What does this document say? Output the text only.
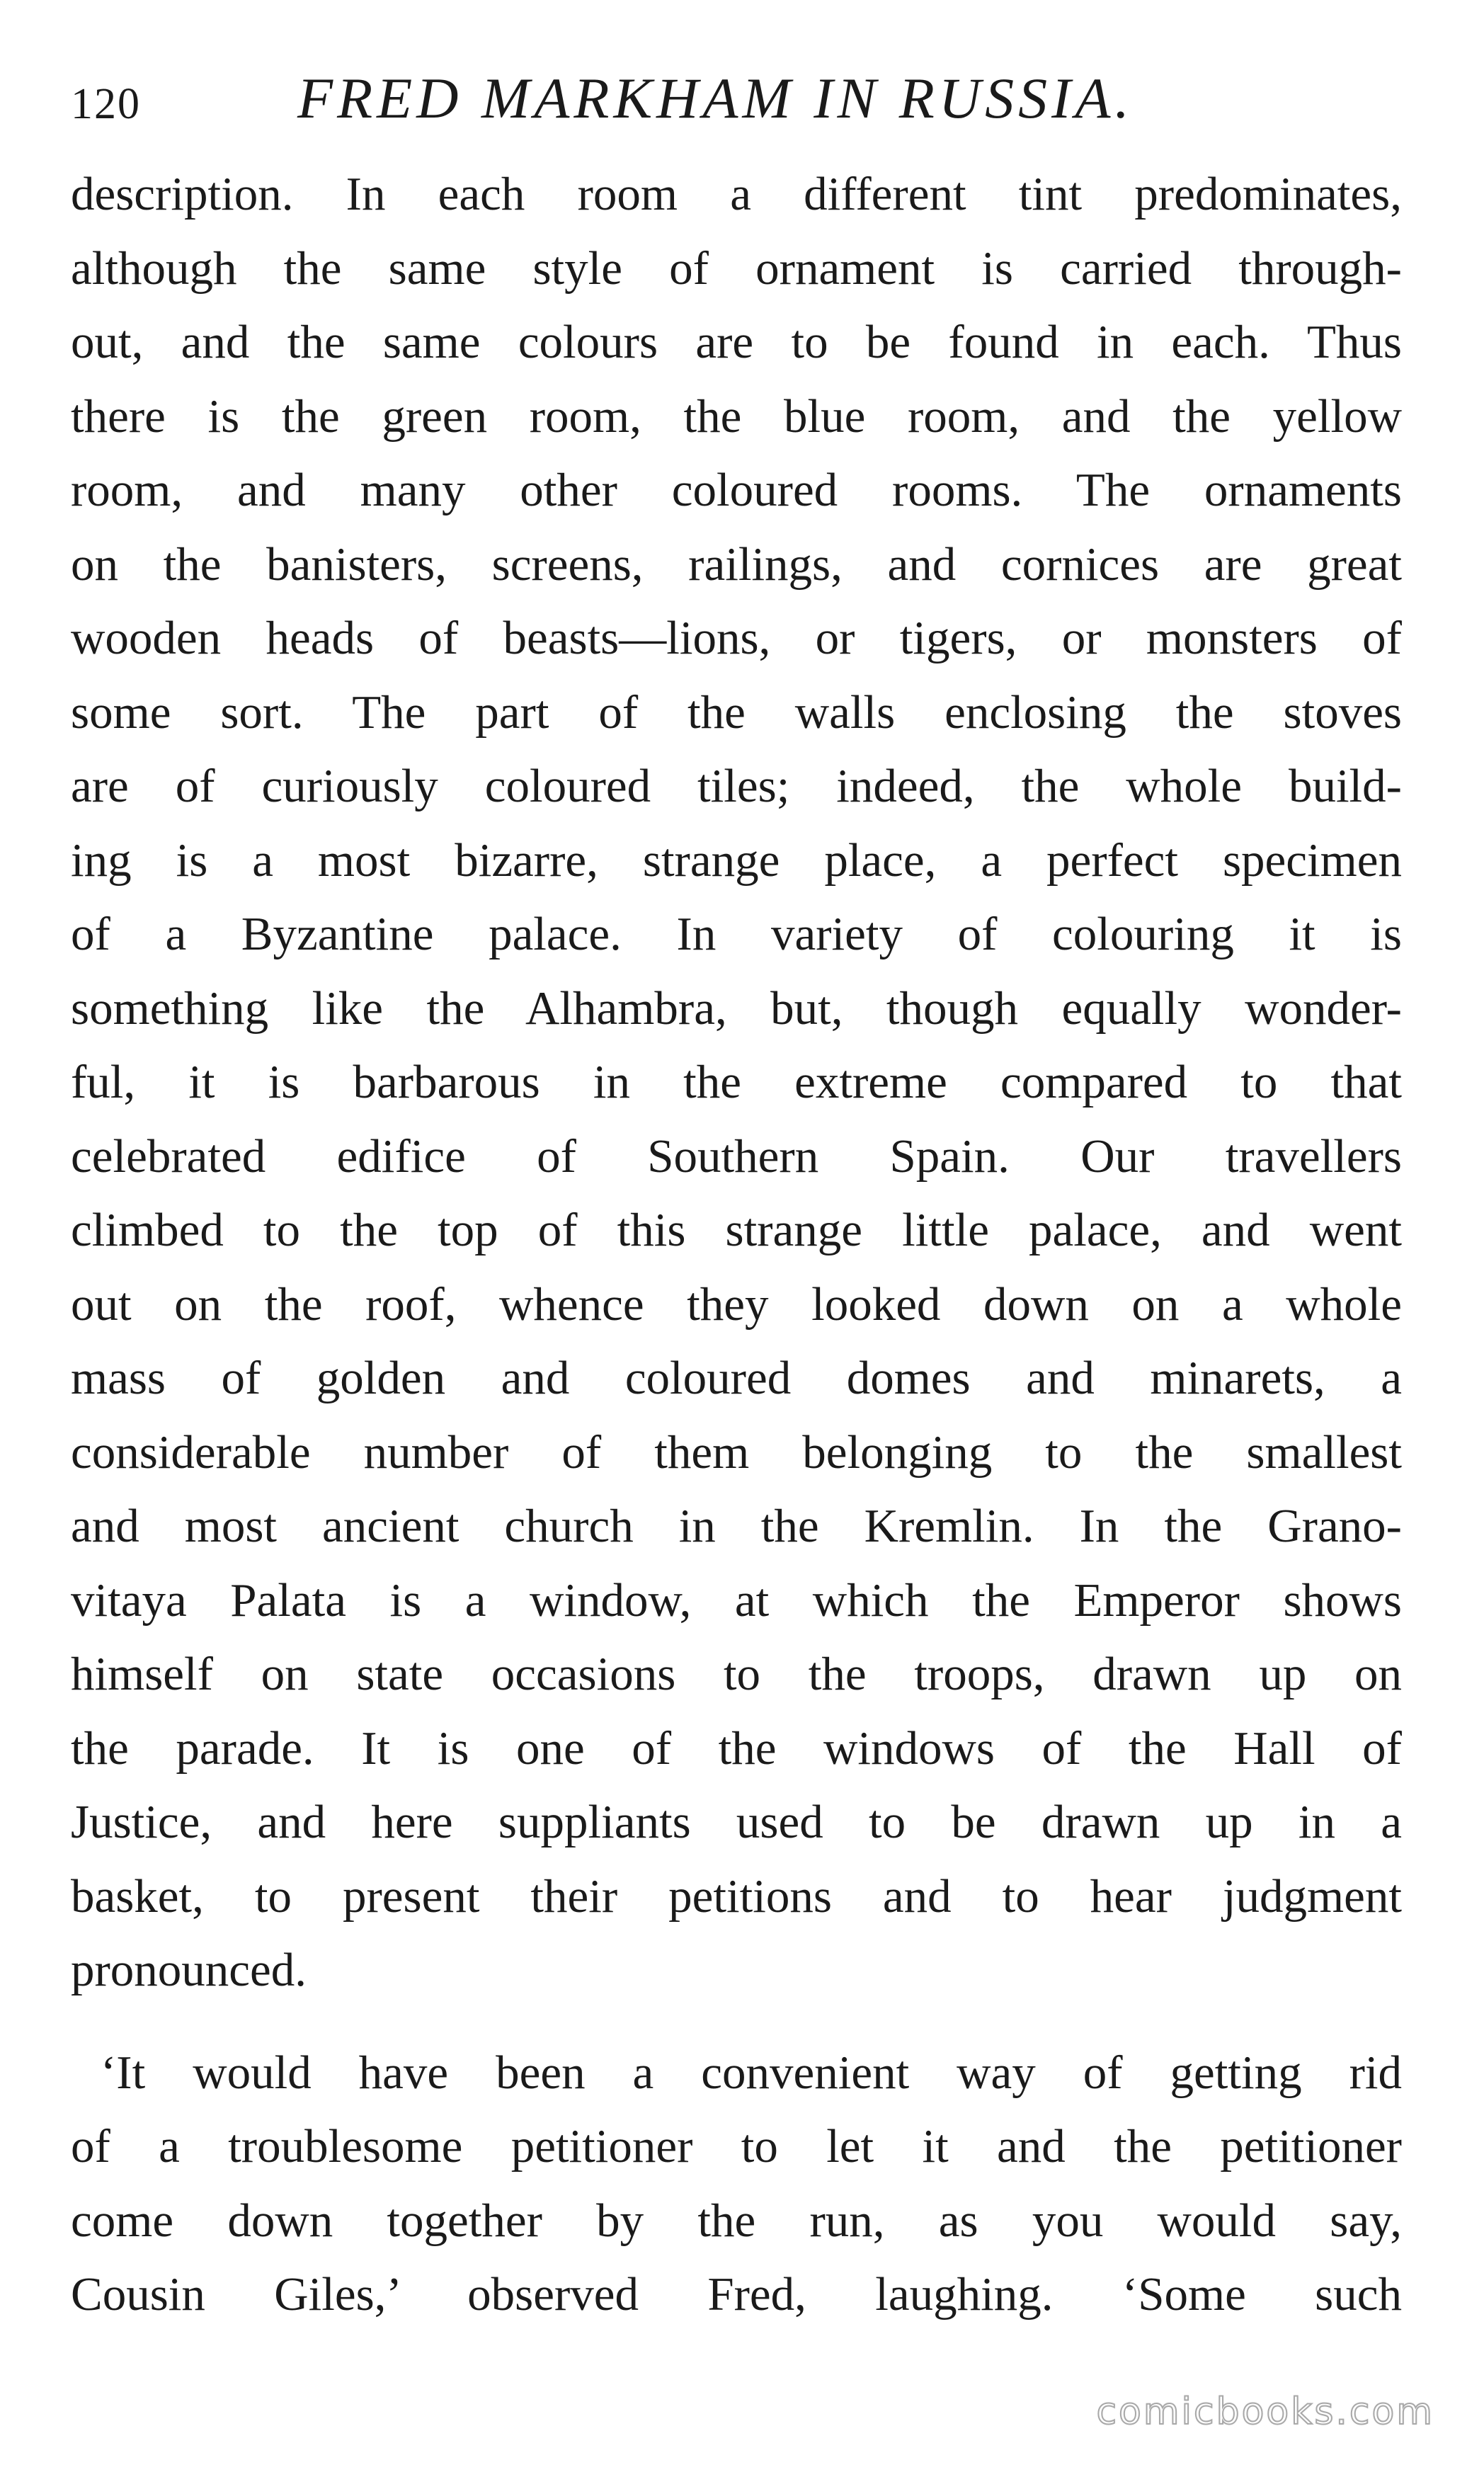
120	FRED MARKHAM IN RUSSIA.
description. In each room a different tint predominates,
although the same style of ornament is carried through-
out, and the same colours are to be found in each. Thus
there is the green room, the blue room, and the yellow
room, and many other coloured rooms. The ornaments
on the banisters, screens, railings, and cornices are great
wooden heads of beasts—lions, or tigers, or monsters of
some sort. The part of the walls enclosing the stoves
are of curiously coloured tiles; indeed, the whole build-
ing is a most bizarre, strange place, a perfect specimen
of a Byzantine palace. In variety of colouring it is
something like the Alhambra, but, though equally wonder-
ful, it is barbarous in the extreme compared to that
celebrated edifice of Southern Spain. Our travellers
climbed to the top of this strange little palace, and went
out on the roof, whence they looked down on a whole
mass of golden and coloured domes and minarets, a
considerable number of them belonging to the smallest
and most ancient church in the Kremlin. In the Grano-
vitaya Palata is a window, at which the Emperor shows
himself on state occasions to the troops, drawn up on
the parade. It is one of the windows of the Hall of
Justice, and here suppliants used to be drawn up in a
basket, to present their petitions and to hear judgment
pronounced.
‘It would have been a convenient way of getting rid
of a troublesome petitioner to let it and the petitioner
come down together by the run, as you would say,
Cousin Giles,’ observed Fred, laughing. ‘Some such
comicbooks.com
